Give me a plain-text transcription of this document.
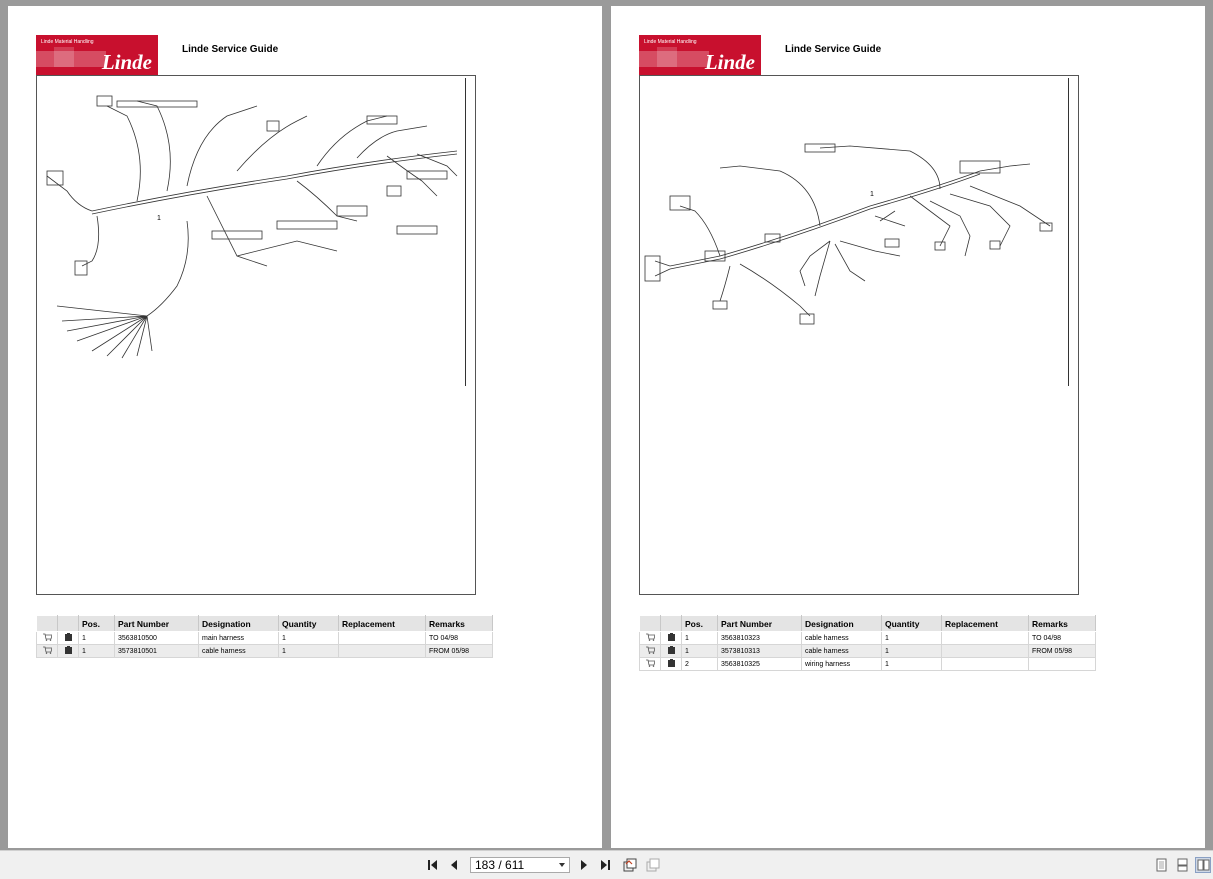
Linde Material Handling
Linde
Linde Service Guide
1
		Pos.	Part Number	Designation	Quantity	Replacement	Remarks
		1	3563810500	main harness	1		TO 04/98
		1	3573810501	cable harness	1		FROM 05/98
Linde Material Handling
Linde
Linde Service Guide
1
		Pos.	Part Number	Designation	Quantity	Replacement	Remarks
		1	3563810323	cable harness	1		TO 04/98
		1	3573810313	cable harness	1		FROM 05/98
		2	3563810325	wiring harness	1		
183 / 611
